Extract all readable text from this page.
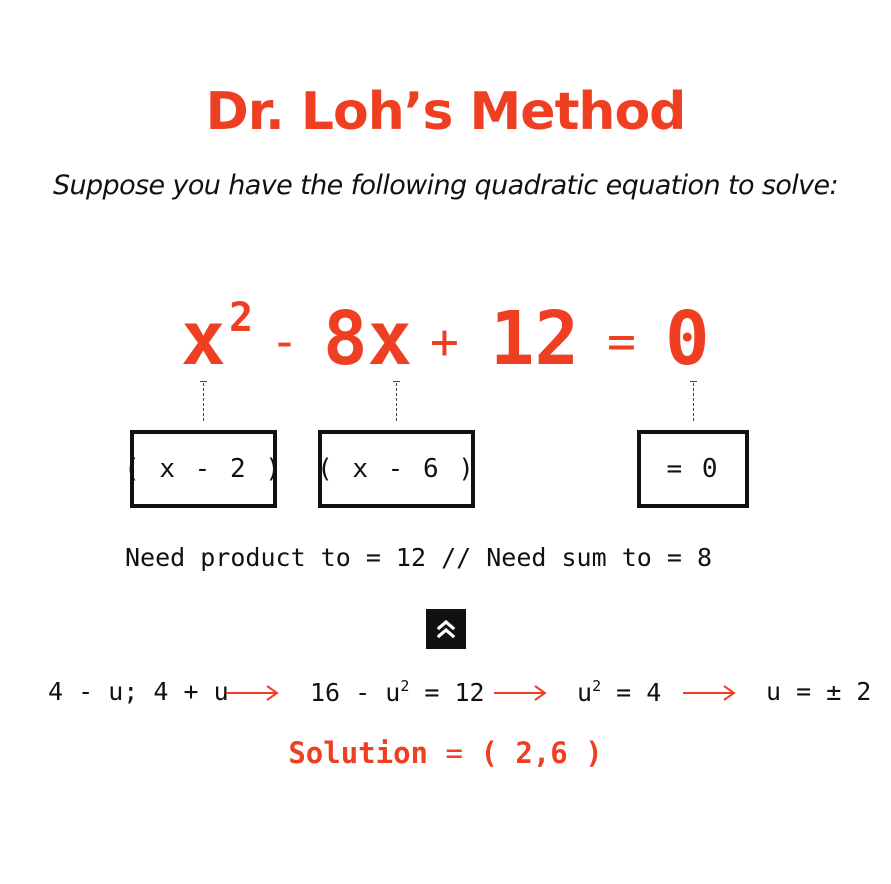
Dr. Loh’s Method
Suppose you have the following quadratic equation to solve:
x 2 - 8x + 12 = 0
( x - 2 ) ( x - 6 )	= 0
Need product to = 12 // Need sum to = 8
4 - u; 4 + u	$16 - u^2 = 12$	$u^2 = 4$	u = ± 2
Solution = ( 2,6 )
